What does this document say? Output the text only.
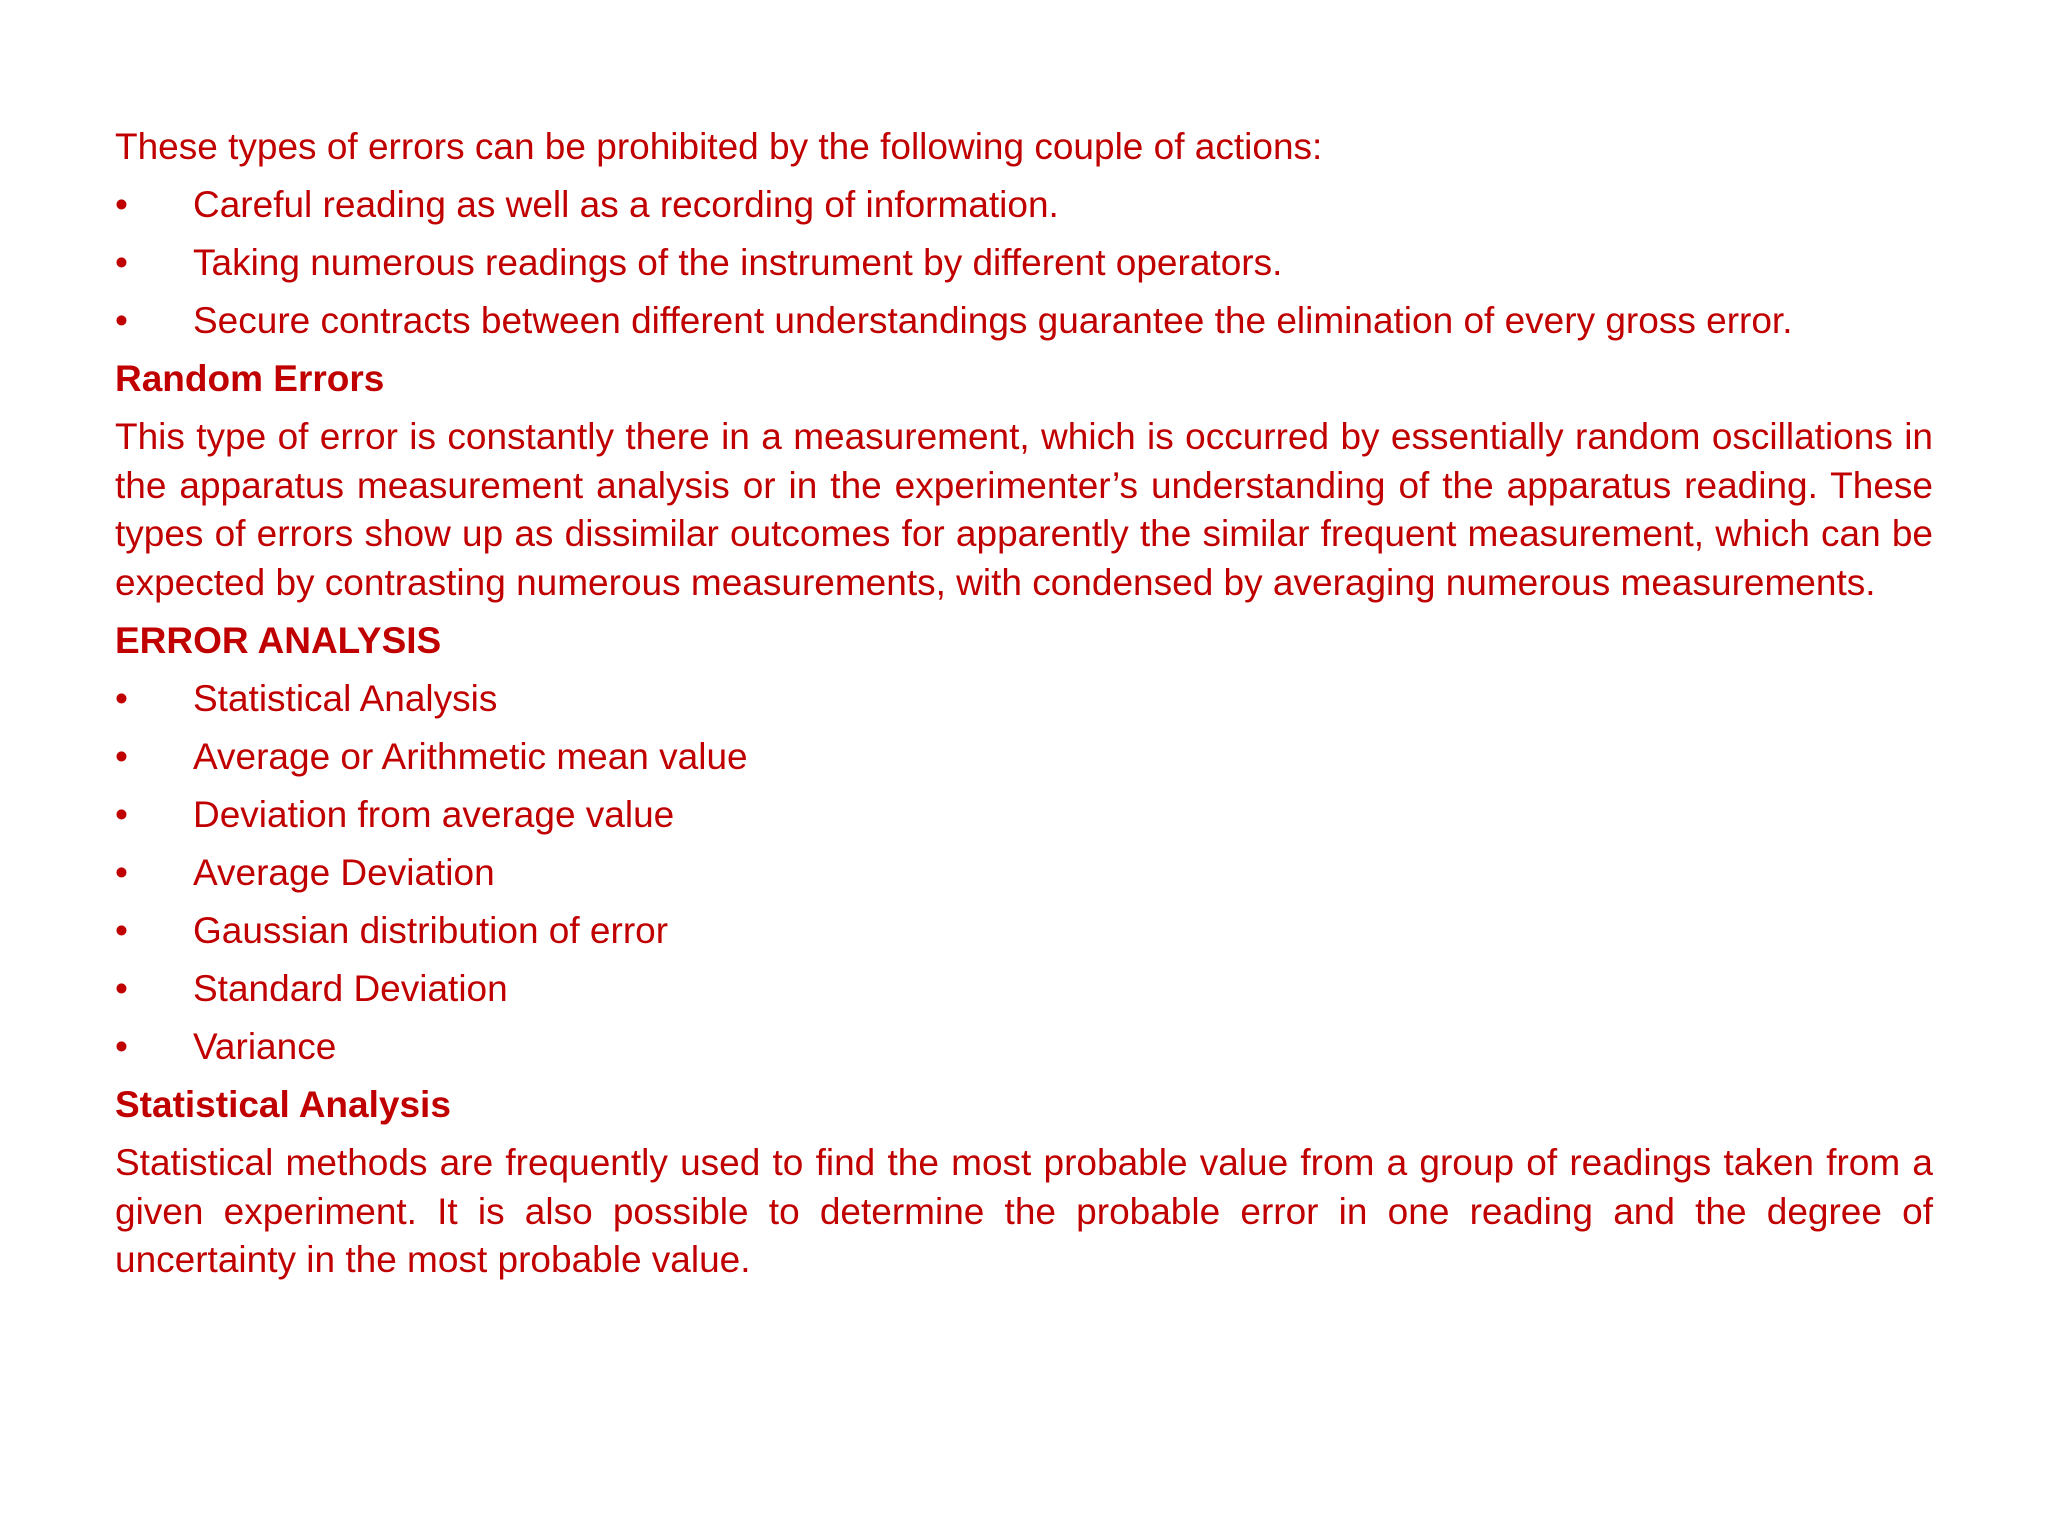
These types of errors can be prohibited by the following couple of actions:

•	Careful reading as well as a recording of information.
•	Taking numerous readings of the instrument by different operators.
•	Secure contracts between different understandings guarantee the elimination of every gross error.
Random Errors

This type of error is constantly there in a measurement, which is occurred by essentially random oscillations in the apparatus measurement analysis or in the experimenter’s understanding of the apparatus reading. These types of errors show up as dissimilar outcomes for apparently the similar frequent measurement, which can be expected by contrasting numerous measurements, with condensed by averaging numerous measurements.

ERROR ANALYSIS
•	Statistical Analysis
•	Average or Arithmetic mean value
•	Deviation from average value
•	Average Deviation
•	Gaussian distribution of error
•	Standard Deviation
•	Variance
Statistical Analysis

Statistical methods are frequently used to find the most probable value from a group of readings taken from a given experiment. It is also possible to determine the probable error in one reading and the degree of uncertainty in the most probable value.
